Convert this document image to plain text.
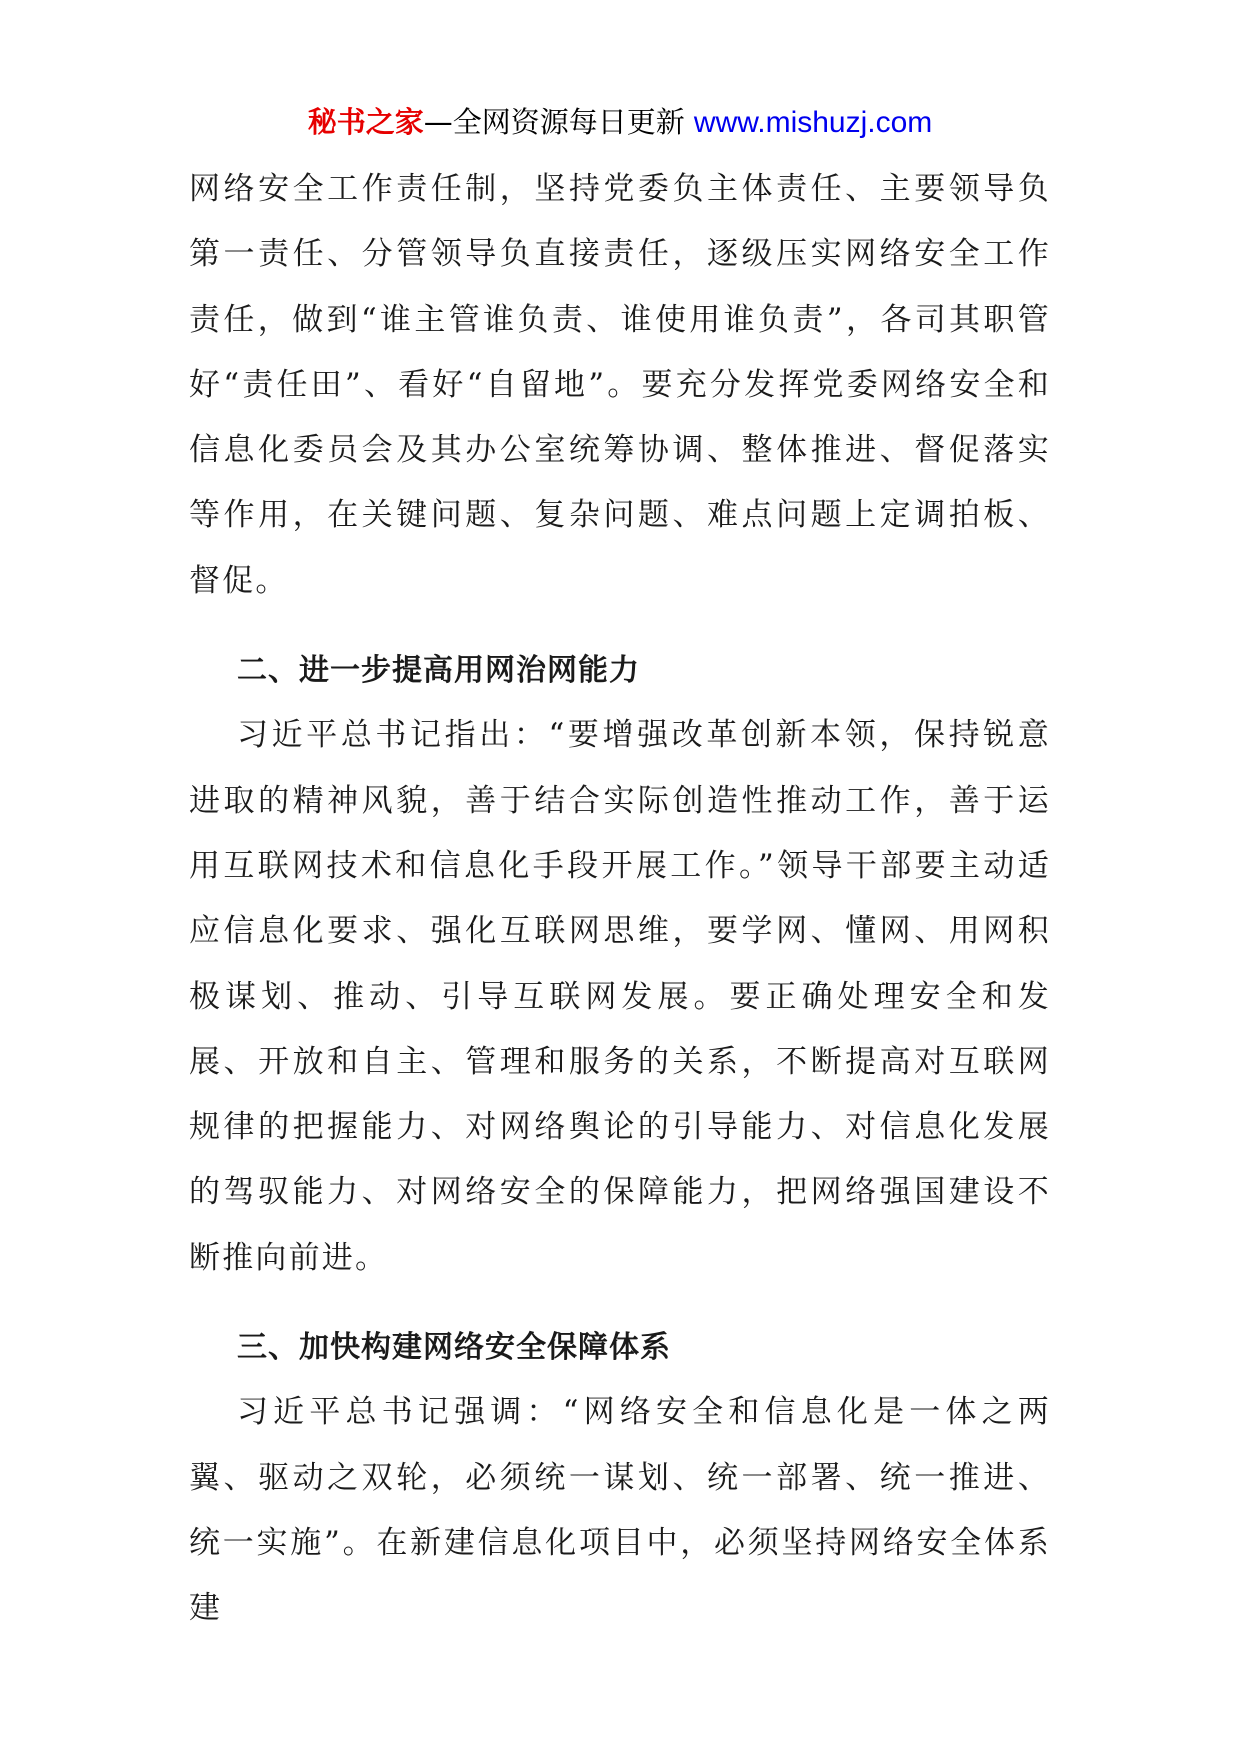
秘书之家—全网资源每日更新 www.mishuzj.com

网络安全工作责任制，坚持党委负主体责任、主要领导负第一责任、分管领导负直接责任，逐级压实网络安全工作责任，做到“谁主管谁负责、谁使用谁负责”，各司其职管好“责任田”、看好“自留地”。要充分发挥党委网络安全和信息化委员会及其办公室统筹协调、整体推进、督促落实等作用，在关键问题、复杂问题、难点问题上定调拍板、督促。

二、进一步提高用网治网能力

习近平总书记指出：“要增强改革创新本领，保持锐意进取的精神风貌，善于结合实际创造性推动工作，善于运用互联网技术和信息化手段开展工作。”领导干部要主动适应信息化要求、强化互联网思维，要学网、懂网、用网积极谋划、推动、引导互联网发展。要正确处理安全和发展、开放和自主、管理和服务的关系，不断提高对互联网规律的把握能力、对网络舆论的引导能力、对信息化发展的驾驭能力、对网络安全的保障能力，把网络强国建设不断推向前进。

三、加快构建网络安全保障体系

习近平总书记强调：“网络安全和信息化是一体之两翼、驱动之双轮，必须统一谋划、统一部署、统一推进、统一实施”。在新建信息化项目中，必须坚持网络安全体系建
